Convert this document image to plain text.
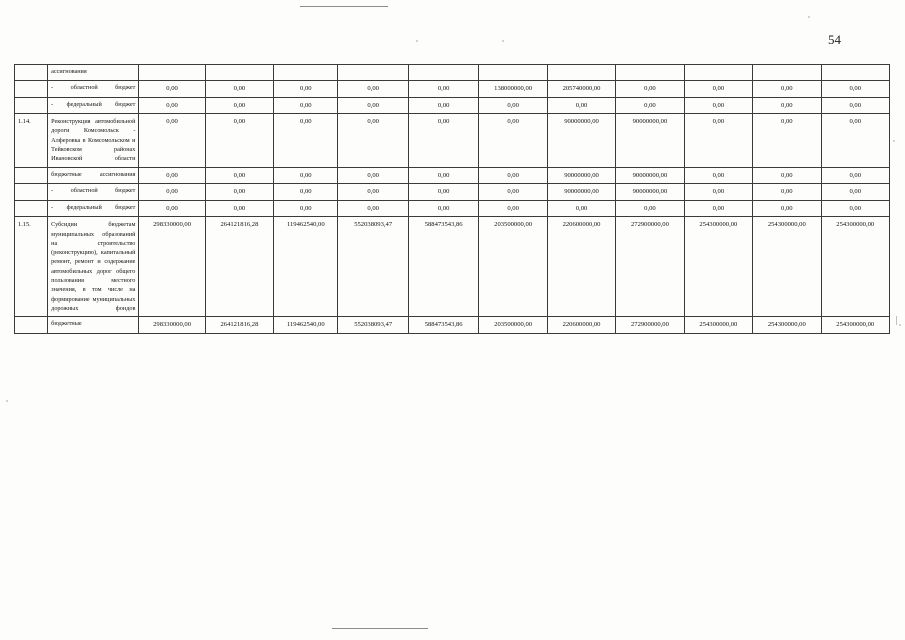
54
	ассигнования											
	- областной бюджет	0,00	0,00	0,00	0,00	0,00	138000000,00	205740000,00	0,00	0,00	0,00	0,00
	- федеральный бюджет	0,00	0,00	0,00	0,00	0,00	0,00	0,00	0,00	0,00	0,00	0,00
1.14.	Реконструкция автомобильной дороги Комсомольск - Алферовка в Комсомольском и Тейковском районах Ивановской области	0,00	0,00	0,00	0,00	0,00	0,00	90000000,00	90000000,00	0,00	0,00	0,00
	бюджетные ассигнования	0,00	0,00	0,00	0,00	0,00	0,00	90000000,00	90000000,00	0,00	0,00	0,00
	- областной бюджет	0,00	0,00	0,00	0,00	0,00	0,00	90000000,00	90000000,00	0,00	0,00	0,00
	- федеральный бюджет	0,00	0,00	0,00	0,00	0,00	0,00	0,00	0,00	0,00	0,00	0,00
1.15.	Субсидии бюджетам муниципальных образований на строительство (реконструкцию), капитальный ремонт, ремонт и содержание автомобильных дорог общего пользования местного значения, в том числе на формирование муниципальных дорожных фондов	298330000,00	264121816,28	119462540,00	552038093,47	588473543,86	203500000,00	220600000,00	272900000,00	254300000,00	254300000,00	254300000,00
	бюджетные	298330000,00	264121816,28	119462540,00	552038093,47	588473543,86	203500000,00	220600000,00	272900000,00	254300000,00	254300000,00	254300000,00
